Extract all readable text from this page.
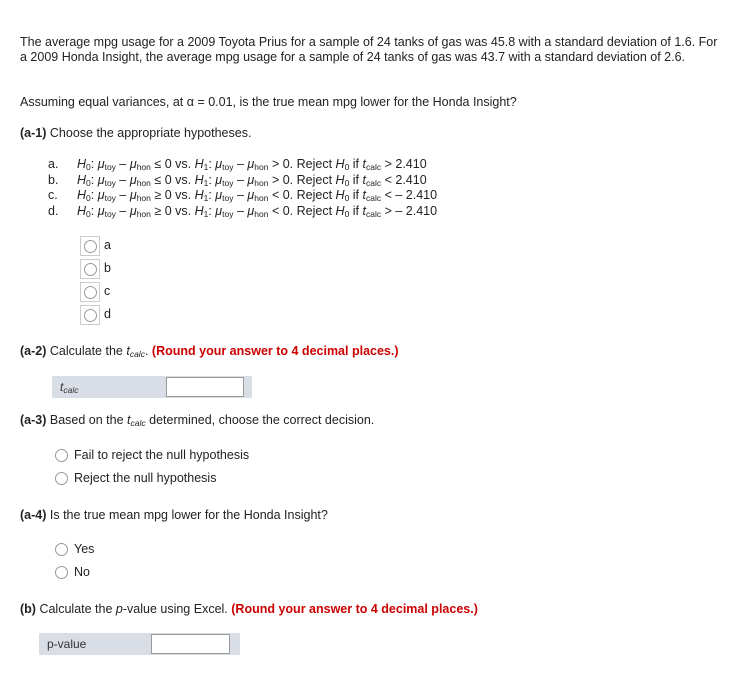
The average mpg usage for a 2009 Toyota Prius for a sample of 24 tanks of gas was 45.8 with a standard deviation of 1.6. For a 2009 Honda Insight, the average mpg usage for a sample of 24 tanks of gas was 43.7 with a standard deviation of 2.6.
Assuming equal variances, at α = 0.01, is the true mean mpg lower for the Honda Insight?
(a-1) Choose the appropriate hypotheses.
a. $H_0$: $\mu_{toy} - \mu_{hon} \le 0$ vs. $H_1$: $\mu_{toy} - \mu_{hon} > 0$. Reject $H_0$ if $t_{calc} > 2.410$
b. $H_0$: $\mu_{toy} - \mu_{hon} \le 0$ vs. $H_1$: $\mu_{toy} - \mu_{hon} > 0$. Reject $H_0$ if $t_{calc} < 2.410$
c. $H_0$: $\mu_{toy} - \mu_{hon} \ge 0$ vs. $H_1$: $\mu_{toy} - \mu_{hon} < 0$. Reject $H_0$ if $t_{calc}$ < – 2.410
d. $H_0$: $\mu_{toy} - \mu_{hon} \ge 0$ vs. $H_1$: $\mu_{toy} - \mu_{hon} < 0$. Reject $H_0$ if $t_{calc}$ > – 2.410
a
b
c
d
(a-2) Calculate the $t_{calc}$. (Round your answer to 4 decimal places.)
$t_{calc}$
(a-3) Based on the $t_{calc}$ determined, choose the correct decision.
Fail to reject the null hypothesis
Reject the null hypothesis
(a-4) Is the true mean mpg lower for the Honda Insight?
Yes
No
(b) Calculate the p-value using Excel. (Round your answer to 4 decimal places.)
p-value
